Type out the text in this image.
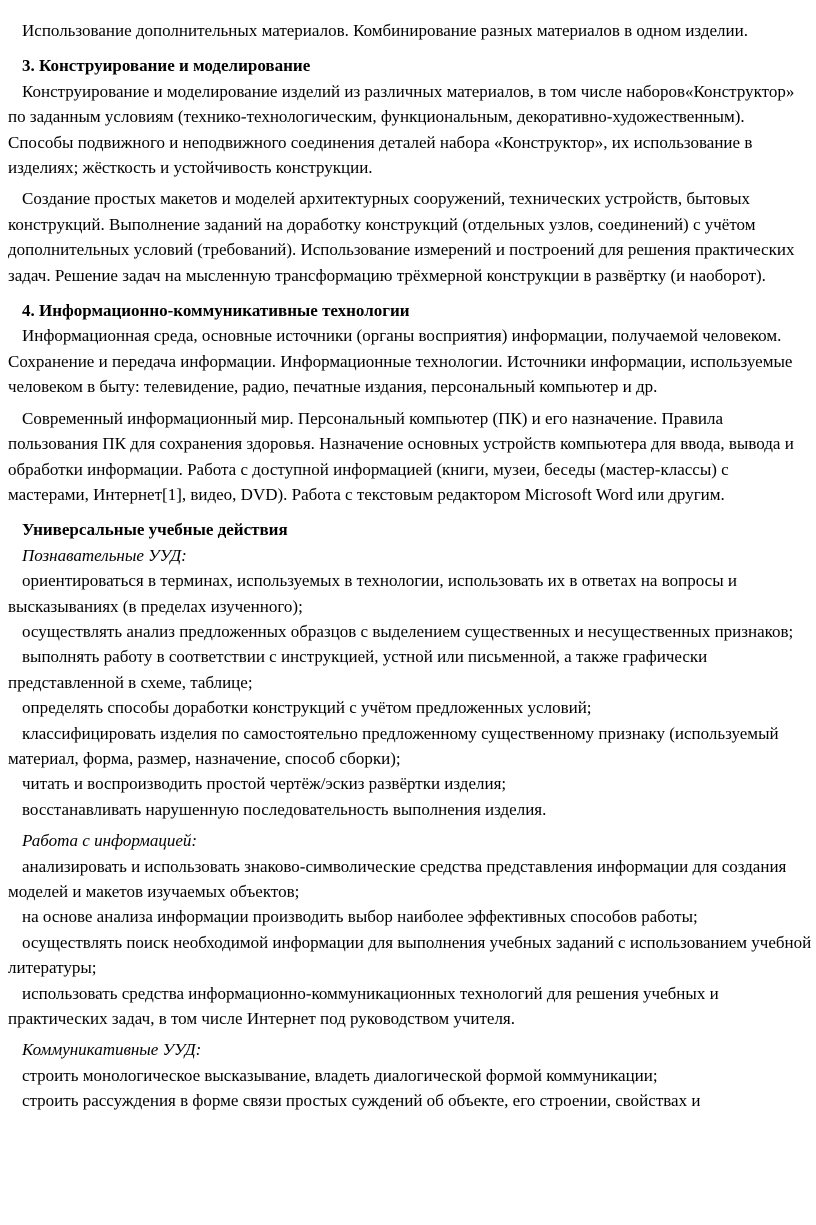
Использование дополнительных материалов. Комбинирование разных материалов в одном изделии.

3. Конструирование и моделирование

Конструирование и моделирование изделий из различных материалов, в том числе наборов«Конструктор» по заданным условиям (технико-технологическим, функциональным, декоративно-художественным). Способы подвижного и неподвижного соединения деталей набора «Конструктор», их использование в изделиях; жёсткость и устойчивость конструкции.

Создание простых макетов и моделей архитектурных сооружений, технических устройств, бытовых конструкций. Выполнение заданий на доработку конструкций (отдельных узлов, соединений) с учётом дополнительных условий (требований). Использование измерений и построений для решения практических задач. Решение задач на мысленную трансформацию трёхмерной конструкции в развёртку (и наоборот).

4. Информационно-коммуникативные технологии

Информационная среда, основные источники (органы восприятия) информации, получаемой человеком. Сохранение и передача информации. Информационные технологии. Источники информации, используемые человеком в быту: телевидение, радио, печатные издания, персональный компьютер и др.

Современный информационный мир. Персональный компьютер (ПК) и его назначение. Правила пользования ПК для сохранения здоровья. Назначение основных устройств компьютера для ввода, вывода и обработки информации. Работа с доступной информацией (книги, музеи, беседы (мастер-классы) с мастерами, Интернет[1], видео, DVD). Работа с текстовым редактором Microsoft Word или другим.

Универсальные учебные действия

Познавательные УУД:

ориентироваться в терминах, используемых в технологии, использовать их в ответах на вопросы и высказываниях (в пределах изученного);

осуществлять анализ предложенных образцов с выделением существенных и несущественных признаков;

выполнять работу в соответствии с инструкцией, устной или письменной, а также графически представленной в схеме, таблице;

определять способы доработки конструкций с учётом предложенных условий;

классифицировать изделия по самостоятельно предложенному существенному признаку (используемый материал, форма, размер, назначение, способ сборки);

читать и воспроизводить простой чертёж/эскиз развёртки изделия;

восстанавливать нарушенную последовательность выполнения изделия.

Работа с информацией:

анализировать и использовать знаково-символические средства представления информации для создания моделей и макетов изучаемых объектов;

на основе анализа информации производить выбор наиболее эффективных способов работы;

осуществлять поиск необходимой информации для выполнения учебных заданий с использованием учебной литературы;

использовать средства информационно-коммуникационных технологий для решения учебных и практических задач, в том числе Интернет под руководством учителя.

Коммуникативные УУД:

строить монологическое высказывание, владеть диалогической формой коммуникации;

строить рассуждения в форме связи простых суждений об объекте, его строении, свойствах и
